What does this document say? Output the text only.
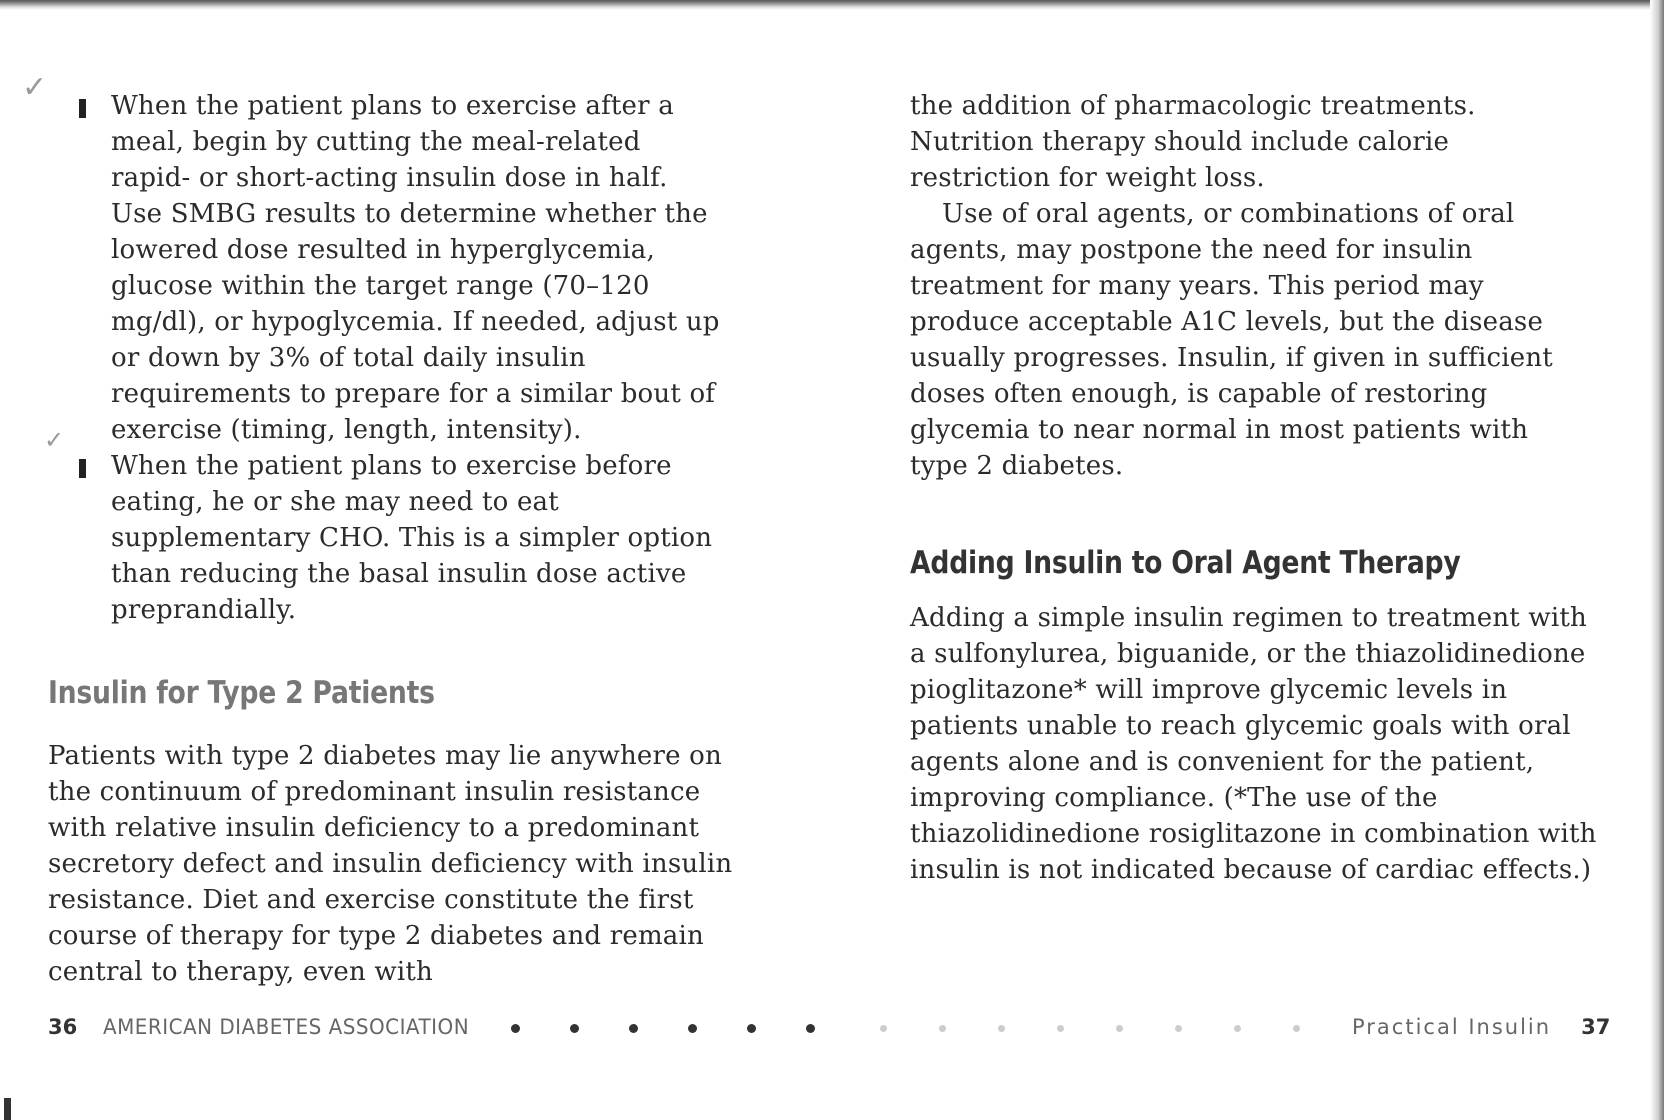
✓
✓
When the patient plans to exercise after a meal, begin by cutting the meal-related rapid- or short-acting insulin dose in half. Use SMBG results to determine whether the lowered dose resulted in hyperglycemia, glucose within the target range (70–120 mg/dl), or hypoglycemia. If needed, adjust up or down by 3% of total daily insulin requirements to prepare for a similar bout of exercise (timing, length, intensity).
When the patient plans to exercise before eating, he or she may need to eat supplementary CHO. This is a simpler option than reducing the basal insulin dose active preprandially.
Insulin for Type 2 Patients
Patients with type 2 diabetes may lie anywhere on the continuum of predominant insulin resistance with relative insulin deficiency to a predominant secretory defect and insulin deficiency with insulin resistance. Diet and exercise constitute the first course of therapy for type 2 diabetes and remain central to therapy, even with
36 AMERICAN DIABETES ASSOCIATION
the addition of pharmacologic treatments. Nutrition therapy should include calorie restriction for weight loss.
Use of oral agents, or combinations of oral agents, may postpone the need for insulin treatment for many years. This period may produce acceptable A1C levels, but the disease usually progresses. Insulin, if given in sufficient doses often enough, is capable of restoring glycemia to near normal in most patients with type 2 diabetes.
Adding Insulin to Oral Agent Therapy
Adding a simple insulin regimen to treatment with a sulfonylurea, biguanide, or the thiazolidinedione pioglitazone* will improve glycemic levels in patients unable to reach glycemic goals with oral agents alone and is convenient for the patient, improving compliance. (*The use of the thiazolidinedione rosiglitazone in combination with insulin is not indicated because of cardiac effects.)
Practical Insulin 37
